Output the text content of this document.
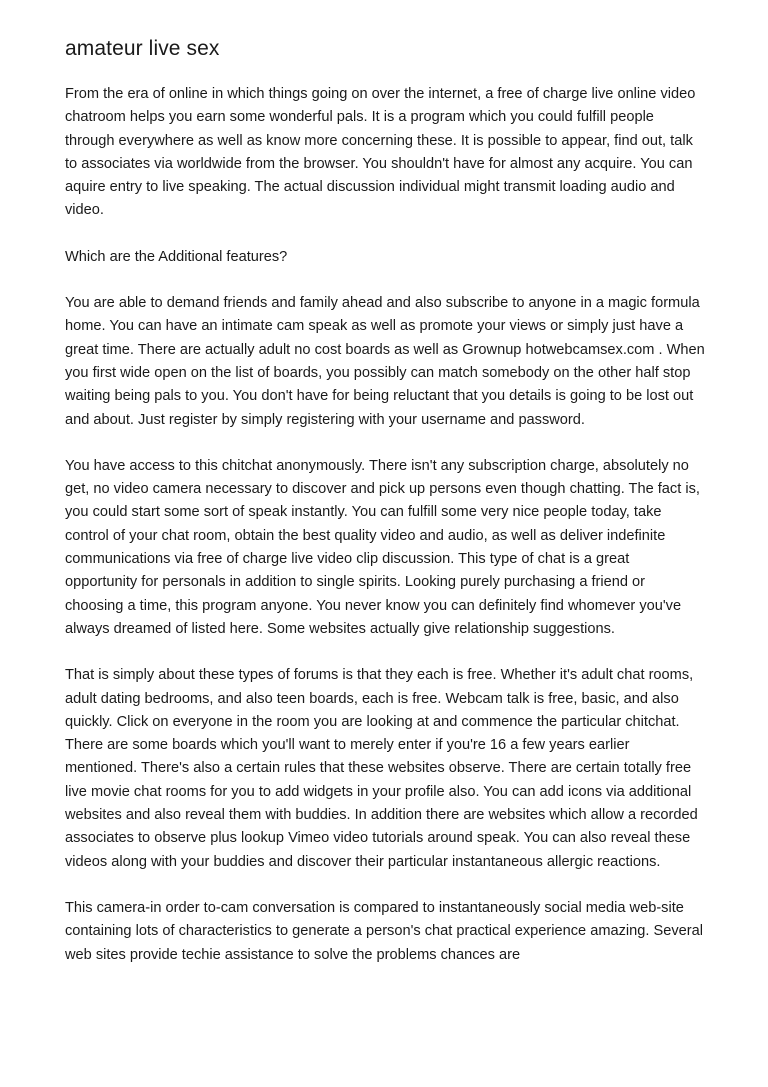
amateur live sex

From the era of online in which things going on over the internet, a free of charge live online video chatroom helps you earn some wonderful pals. It is a program which you could fulfill people through everywhere as well as know more concerning these. It is possible to appear, find out, talk to associates via worldwide from the browser. You shouldn't have for almost any acquire. You can aquire entry to live speaking. The actual discussion individual might transmit loading audio and video.

Which are the Additional features?

You are able to demand friends and family ahead and also subscribe to anyone in a magic formula home. You can have an intimate cam speak as well as promote your views or simply just have a great time. There are actually adult no cost boards as well as Grownup hotwebcamsex.com . When you first wide open on the list of boards, you possibly can match somebody on the other half stop waiting being pals to you. You don't have for being reluctant that you details is going to be lost out and about. Just register by simply registering with your username and password.

You have access to this chitchat anonymously. There isn't any subscription charge, absolutely no get, no video camera necessary to discover and pick up persons even though chatting. The fact is, you could start some sort of speak instantly. You can fulfill some very nice people today, take control of your chat room, obtain the best quality video and audio, as well as deliver indefinite communications via free of charge live video clip discussion. This type of chat is a great opportunity for personals in addition to single spirits. Looking purely purchasing a friend or choosing a time, this program anyone. You never know you can definitely find whomever you've always dreamed of listed here. Some websites actually give relationship suggestions.

That is simply about these types of forums is that they each is free. Whether it's adult chat rooms, adult dating bedrooms, and also teen boards, each is free. Webcam talk is free, basic, and also quickly. Click on everyone in the room you are looking at and commence the particular chitchat. There are some boards which you'll want to merely enter if you're 16 a few years earlier mentioned. There's also a certain rules that these websites observe. There are certain totally free live movie chat rooms for you to add widgets in your profile also. You can add icons via additional websites and also reveal them with buddies. In addition there are websites which allow a recorded associates to observe plus lookup Vimeo video tutorials around speak. You can also reveal these videos along with your buddies and discover their particular instantaneous allergic reactions.

This camera-in order to-cam conversation is compared to instantaneously social media web-site containing lots of characteristics to generate a person's chat practical experience amazing. Several web sites provide techie assistance to solve the problems chances are
